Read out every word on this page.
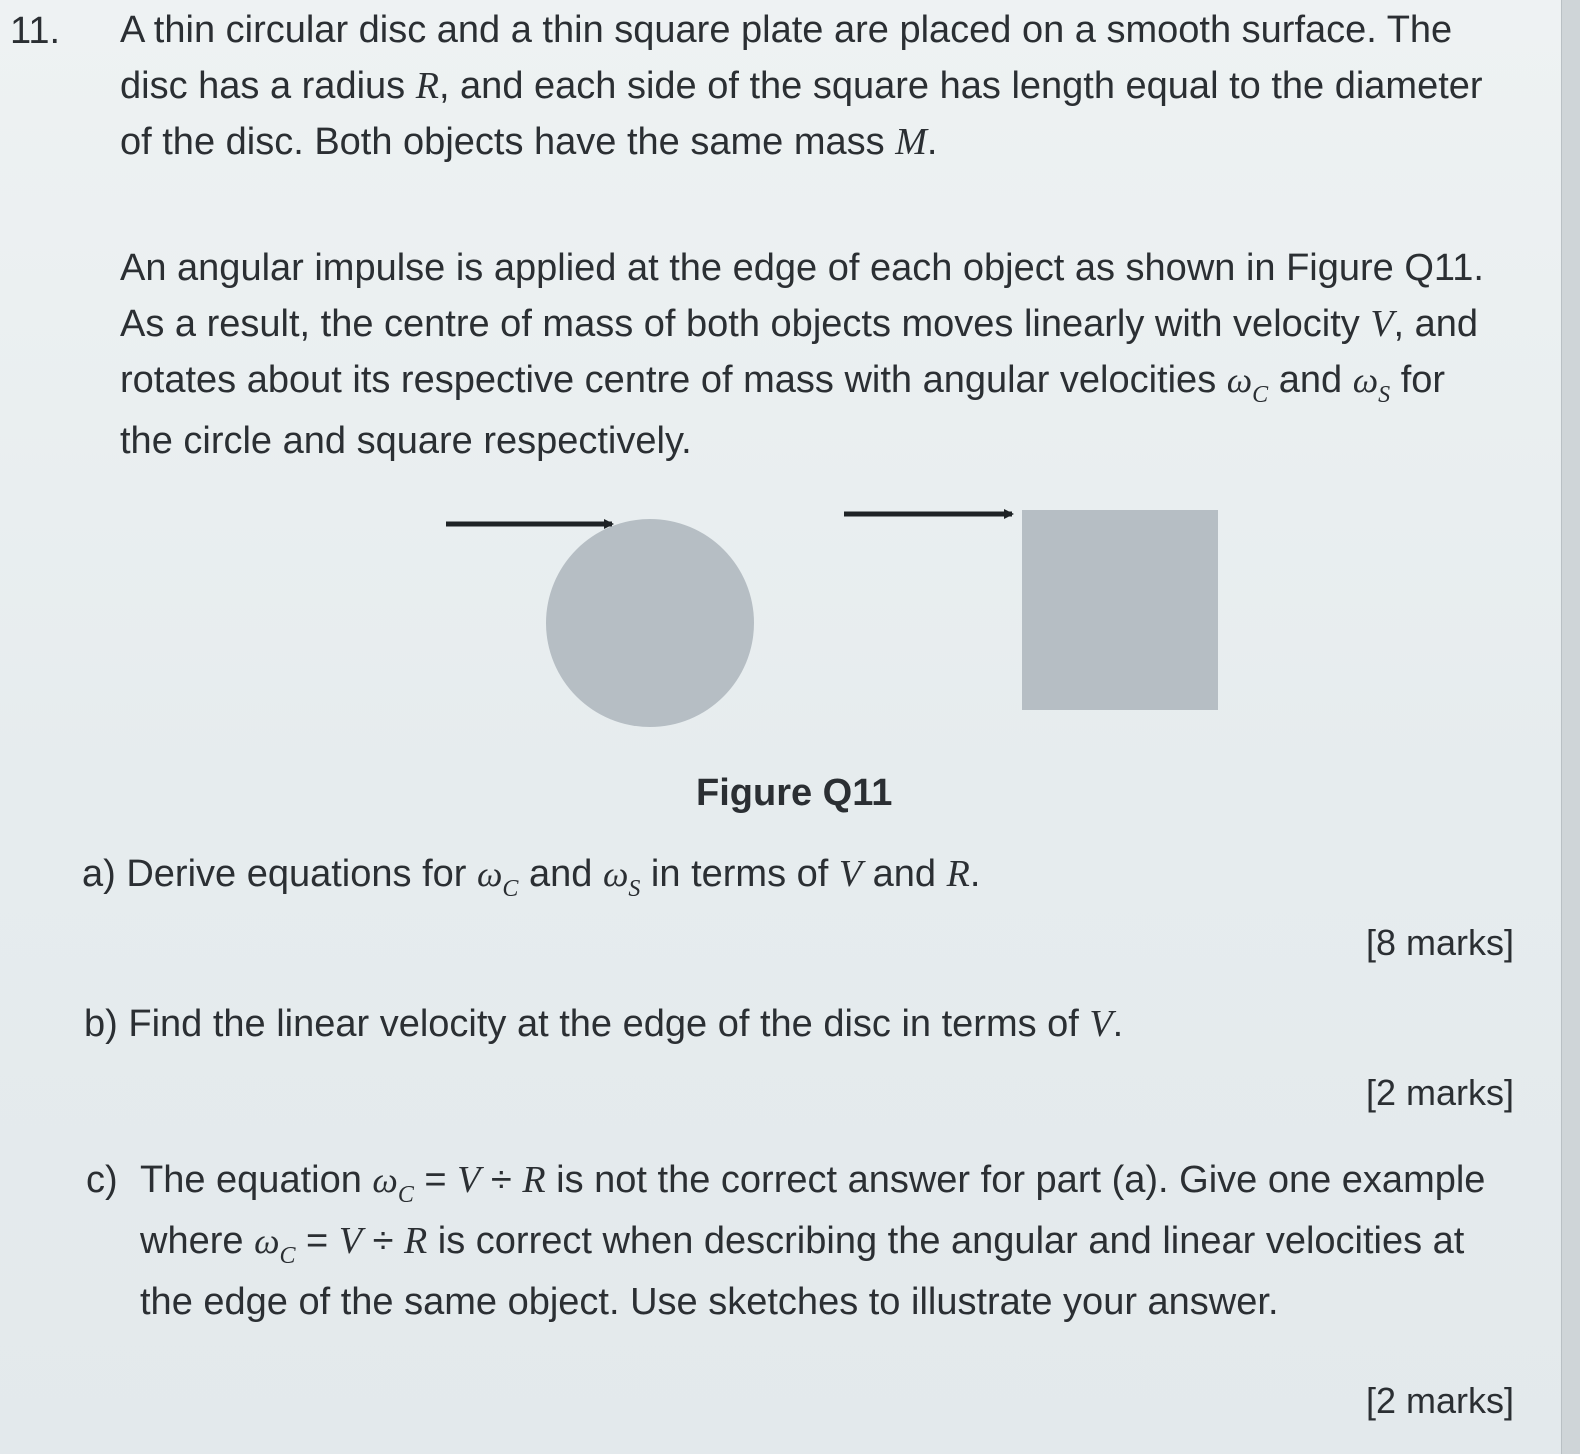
11. A thin circular disc and a thin square plate are placed on a smooth surface. The disc has a radius R, and each side of the square has length equal to the diameter of the disc. Both objects have the same mass M.

An angular impulse is applied at the edge of each object as shown in Figure Q11. As a result, the centre of mass of both objects moves linearly with velocity V, and rotates about its respective centre of mass with angular velocities $\omega_C$ and $\omega_S$ for the circle and square respectively.

Figure Q11

a) Derive equations for $\omega_C$ and $\omega_S$ in terms of V and R.

[8 marks]

b) Find the linear velocity at the edge of the disc in terms of V.

[2 marks]

c) The equation $\omega_C = V \div R$ is not the correct answer for part (a). Give one example where $\omega_C = V \div R$ is correct when describing the angular and linear velocities at the edge of the same object. Use sketches to illustrate your answer.

[2 marks]
